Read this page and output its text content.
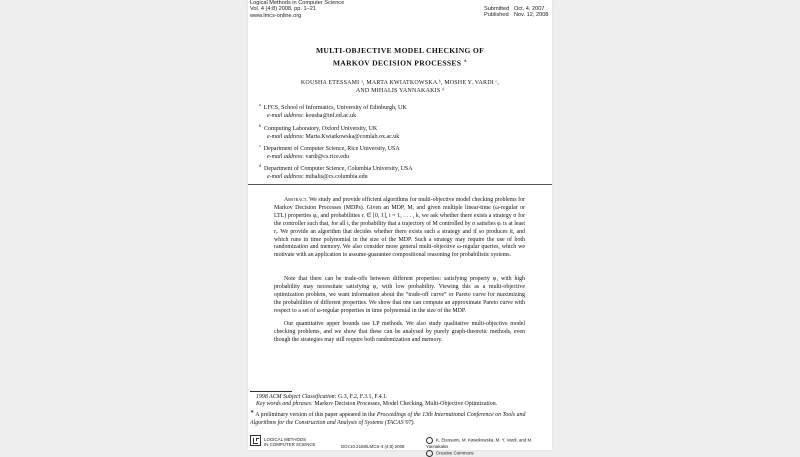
Logical Methods in Computer Science
Vol. 4 (4:8) 2008, pp. 1–21
www.lmcs-online.org
Submitted Oct. 4, 2007
Published Nov. 12, 2008
MULTI-OBJECTIVE MODEL CHECKING OF
MARKOV DECISION PROCESSES ∗
KOUSHA ETESSAMI ᵃ, MARTA KWIATKOWSKA ᵇ, MOSHE Y. VARDI ᶜ,
AND MIHALIS YANNAKAKIS ᵈ
$^a$LFCS, School of Informatics, University of Edinburgh, UK
e-mail address: kousha@inf.ed.ac.uk
$^b$Computing Laboratory, Oxford University, UK
e-mail address: Marta.Kwiatkowska@comlab.ox.ac.uk
$^c$Department of Computer Science, Rice University, USA
e-mail address: vardi@cs.rice.edu
$^d$Department of Computer Science, Columbia University, USA
e-mail address: mihalis@cs.columbia.edu

Abstract. We study and provide efficient algorithms for multi-objective model checking problems for Markov Decision Processes (MDPs). Given an MDP, M, and given multiple linear-time (ω-regular or LTL) properties φᵢ, and probabilities rᵢ ∈ [0, 1], i = 1, . . . , k, we ask whether there exists a strategy σ for the controller such that, for all i, the probability that a trajectory of M controlled by σ satisfies φᵢ is at least rᵢ. We provide an algorithm that decides whether there exists such a strategy and if so produces it, and which runs in time polynomial in the size of the MDP. Such a strategy may require the use of both randomization and memory. We also consider more general multi-objective ω-regular queries, which we motivate with an application to assume-guarantee compositional reasoning for probabilistic systems.

Note that there can be trade-offs between different properties: satisfying property φ₁ with high probability may necessitate satisfying φ₂ with low probability. Viewing this as a multi-objective optimization problem, we want information about the “trade-off curve” or Pareto curve for maximizing the probabilities of different properties. We show that one can compute an approximate Pareto curve with respect to a set of ω-regular properties in time polynomial in the size of the MDP.

Our quantitative upper bounds use LP methods. We also study qualitative multi-objective model checking problems, and we show that these can be analysed by purely graph-theoretic methods, even though the strategies may still require both randomization and memory.

1998 ACM Subject Classification: G.3, F.2, F.3.1, F.4.1.
Key words and phrases: Markov Decision Processes, Model Checking, Multi-Objective Optimization.
∗ A preliminary version of this paper appeared in the Proceedings of the 13th International Conference on Tools and Algorithms for the Construction and Analysis of Systems (TACAS’07).
LOGICAL METHODS
IN COMPUTER SCIENCE	DOI:10.2168/LMCS-4 (4:8) 2008
K. Etessami, M. Kwiatkowska, M. Y. Vardi, and M. Yannakakis
Creative Commons
